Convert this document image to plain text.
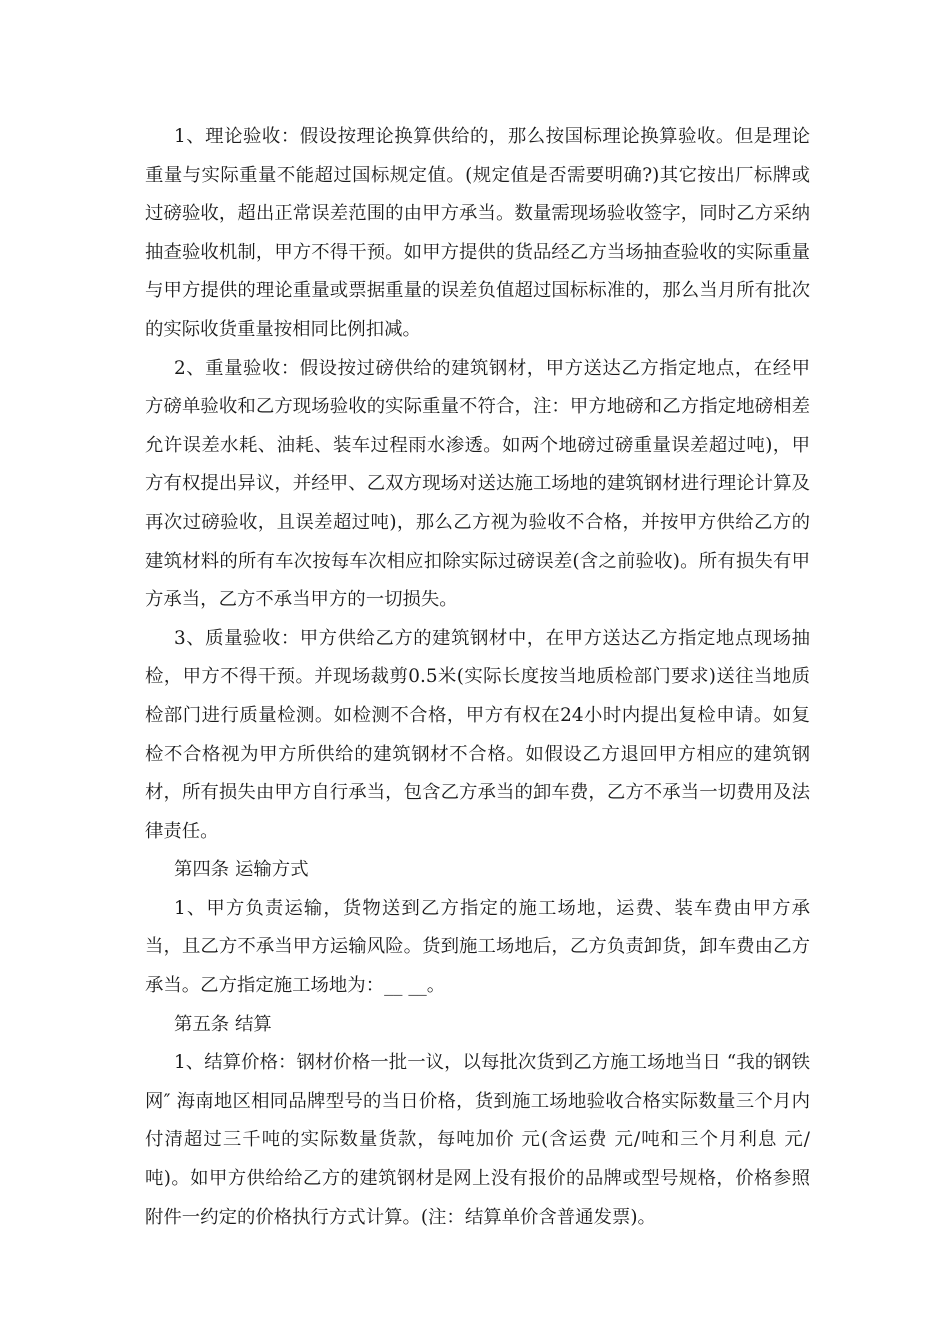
1、理论验收：假设按理论换算供给的，那么按国标理论换算验收。但是理论重量与实际重量不能超过国标规定值。(规定值是否需要明确?)其它按出厂标牌或过磅验收，超出正常误差范围的由甲方承当。数量需现场验收签字，同时乙方采纳抽查验收机制，甲方不得干预。如甲方提供的货品经乙方当场抽查验收的实际重量与甲方提供的理论重量或票据重量的误差负值超过国标标准的，那么当月所有批次的实际收货重量按相同比例扣减。

2、重量验收：假设按过磅供给的建筑钢材，甲方送达乙方指定地点，在经甲方磅单验收和乙方现场验收的实际重量不符合，注：甲方地磅和乙方指定地磅相差允许误差水耗、油耗、装车过程雨水渗透。如两个地磅过磅重量误差超过吨)，甲方有权提出异议，并经甲、乙双方现场对送达施工场地的建筑钢材进行理论计算及再次过磅验收，且误差超过吨)，那么乙方视为验收不合格，并按甲方供给乙方的建筑材料的所有车次按每车次相应扣除实际过磅误差(含之前验收)。所有损失有甲方承当，乙方不承当甲方的一切损失。

3、质量验收：甲方供给乙方的建筑钢材中，在甲方送达乙方指定地点现场抽检，甲方不得干预。并现场裁剪0.5米(实际长度按当地质检部门要求)送往当地质检部门进行质量检测。如检测不合格，甲方有权在24小时内提出复检申请。如复检不合格视为甲方所供给的建筑钢材不合格。如假设乙方退回甲方相应的建筑钢材，所有损失由甲方自行承当，包含乙方承当的卸车费，乙方不承当一切费用及法律责任。

第四条 运输方式

1、甲方负责运输，货物送到乙方指定的施工场地，运费、装车费由甲方承当，且乙方不承当甲方运输风险。货到施工场地后，乙方负责卸货，卸车费由乙方承当。乙方指定施工场地为：__ __。

第五条 结算

1、结算价格：钢材价格一批一议，以每批次货到乙方施工场地当日 “我的钢铁网″ 海南地区相同品牌型号的当日价格，货到施工场地验收合格实际数量三个月内付清超过三千吨的实际数量货款，每吨加价 元(含运费 元/吨和三个月利息 元/吨)。如甲方供给给乙方的建筑钢材是网上没有报价的品牌或型号规格，价格参照附件一约定的价格执行方式计算。(注：结算单价含普通发票)。
